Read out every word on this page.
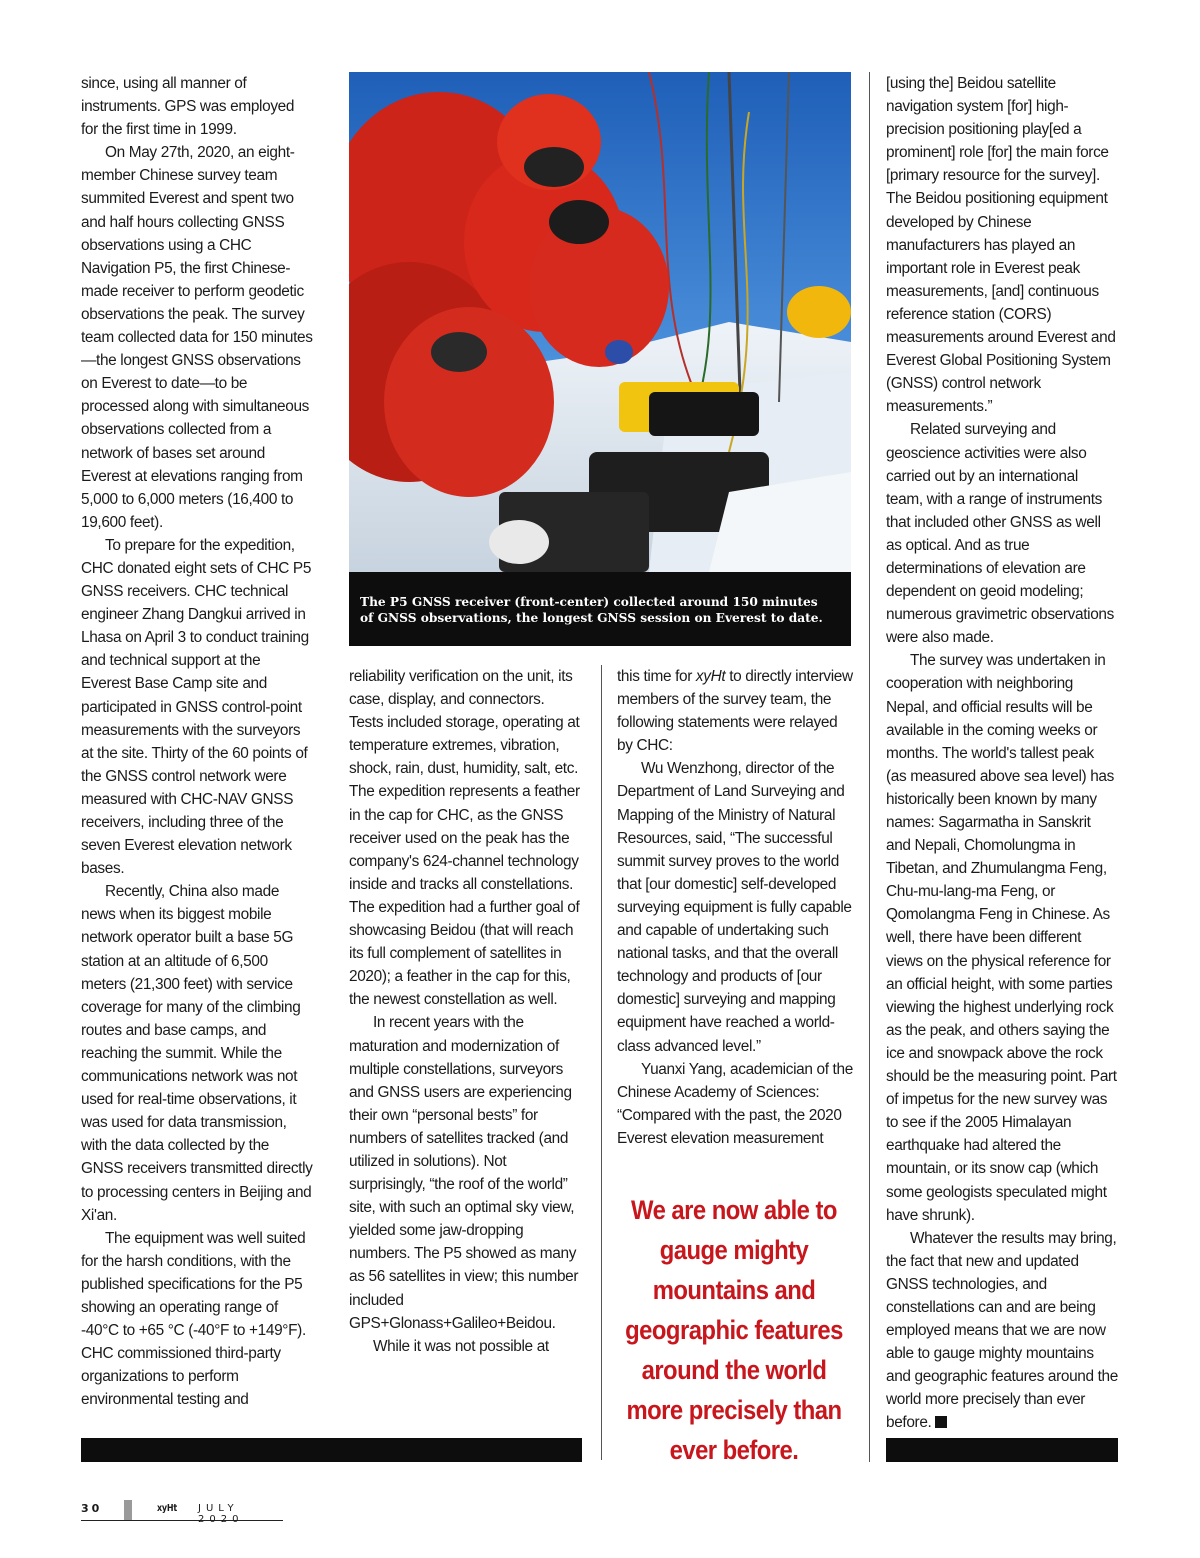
since, using all manner of instruments. GPS was employed for the first time in 1999.

On May 27th, 2020, an eight-member Chinese survey team summited Everest and spent two and half hours collecting GNSS observations using a CHC Navigation P5, the first Chinese-made receiver to perform geodetic observations the peak. The survey team collected data for 150 minutes—the longest GNSS observations on Everest to date—to be processed along with simultaneous observations collected from a network of bases set around Everest at elevations ranging from 5,000 to 6,000 meters (16,400 to 19,600 feet).

To prepare for the expedition, CHC donated eight sets of CHC P5 GNSS receivers. CHC technical engineer Zhang Dangkui arrived in Lhasa on April 3 to conduct training and technical support at the Everest Base Camp site and participated in GNSS control-point measurements with the surveyors at the site. Thirty of the 60 points of the GNSS control network were measured with CHC-NAV GNSS receivers, including three of the seven Everest elevation network bases.

Recently, China also made news when its biggest mobile network operator built a base 5G station at an altitude of 6,500 meters (21,300 feet) with service coverage for many of the climbing routes and base camps, and reaching the summit. While the communications network was not used for real-time observations, it was used for data transmission, with the data collected by the GNSS receivers transmitted directly to processing centers in Beijing and Xi'an.

The equipment was well suited for the harsh conditions, with the published specifications for the P5 showing an operating range of -40°C to +65 °C (-40°F to +149°F). CHC commissioned third-party organizations to perform environmental testing and

The P5 GNSS receiver (front-center) collected around 150 minutes
of GNSS observations, the longest GNSS session on Everest to date.

reliability verification on the unit, its case, display, and connectors. Tests included storage, operating at temperature extremes, vibration, shock, rain, dust, humidity, salt, etc. The expedition represents a feather in the cap for CHC, as the GNSS receiver used on the peak has the company's 624-channel technology inside and tracks all constellations. The expedition had a further goal of showcasing Beidou (that will reach its full complement of satellites in 2020); a feather in the cap for this, the newest constellation as well.

In recent years with the maturation and modernization of multiple constellations, surveyors and GNSS users are experiencing their own “personal bests” for numbers of satellites tracked (and utilized in solutions). Not surprisingly, “the roof of the world” site, with such an optimal sky view, yielded some jaw-dropping numbers. The P5 showed as many as 56 satellites in view; this number included GPS+Glonass+Galileo+Beidou.

While it was not possible at

this time for xyHt to directly interview members of the survey team, the following statements were relayed by CHC:

Wu Wenzhong, director of the Department of Land Surveying and Mapping of the Ministry of Natural Resources, said, “The successful summit survey proves to the world that [our domestic] self-developed surveying equipment is fully capable and capable of undertaking such national tasks, and that the overall technology and products of [our domestic] surveying and mapping equipment have reached a world-class advanced level.”

Yuanxi Yang, academician of the Chinese Academy of Sciences: “Compared with the past, the 2020 Everest elevation measurement

We are now able to gauge mighty mountains and geographic features around the world more precisely than ever before.

[using the] Beidou satellite navigation system [for] high-precision positioning play[ed a prominent] role [for] the main force [primary resource for the survey]. The Beidou positioning equipment developed by Chinese manufacturers has played an important role in Everest peak measurements, [and] continuous reference station (CORS) measurements around Everest and Everest Global Positioning System (GNSS) control network measurements.”

Related surveying and geoscience activities were also carried out by an international team, with a range of instruments that included other GNSS as well as optical. And as true determinations of elevation are dependent on geoid modeling; numerous gravimetric observations were also made.

The survey was undertaken in cooperation with neighboring Nepal, and official results will be available in the coming weeks or months. The world's tallest peak (as measured above sea level) has historically been known by many names: Sagarmatha in Sanskrit and Nepali, Chomolungma in Tibetan, and Zhumulangma Feng, Chu-mu-lang-ma Feng, or Qomolangma Feng in Chinese. As well, there have been different views on the physical reference for an official height, with some parties viewing the highest underlying rock as the peak, and others saying the ice and snowpack above the rock should be the measuring point. Part of impetus for the new survey was to see if the 2005 Himalayan earthquake had altered the mountain, or its snow cap (which some geologists speculated might have shrunk).

Whatever the results may bring, the fact that new and updated GNSS technologies, and constellations can and are being employed means that we are now able to gauge mighty mountains and geographic features around the world more precisely than ever before.

30	xyHt JULY 2020
